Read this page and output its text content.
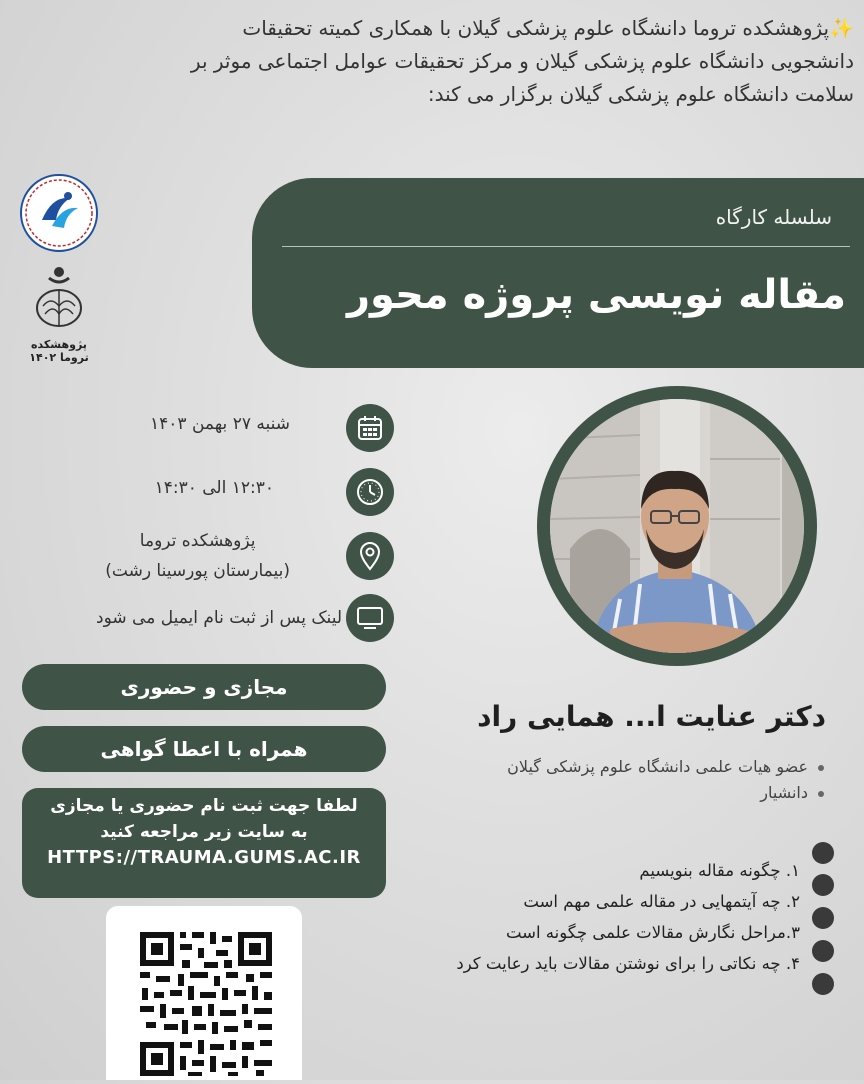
✨پژوهشکده تروما دانشگاه علوم پزشکی گیلان با همکاری کمیته تحقیقات
دانشجویی دانشگاه علوم پزشکی گیلان و مرکز تحقیقات عوامل اجتماعی موثر بر
سلامت دانشگاه علوم پزشکی گیلان برگزار می کند:
پژوهشکده تروما ۱۴۰۲
سلسله کارگاه
مقاله نویسی پروژه محور
شنبه ۲۷ بهمن ۱۴۰۳
۱۲:۳۰ الی ۱۴:۳۰
پژوهشکده تروما
(بیمارستان پورسینا رشت)
لینک پس از ثبت نام ایمیل می شود
مجازی و حضوری
همراه با اعطا گواهی
لطفا جهت ثبت نام حضوری یا مجازی
به سایت زیر مراجعه کنید
HTTPS://TRAUMA.GUMS.AC.IR
دکتر عنایت ا... همایی راد
عضو هیات علمی دانشگاه علوم پزشکی گیلان
دانشیار
۱. چگونه مقاله بنویسیم
۲. چه آیتمهایی در مقاله علمی مهم است
۳.مراحل نگارش مقالات علمی چگونه است
۴. چه نکاتی را برای نوشتن مقالات باید رعایت کرد
